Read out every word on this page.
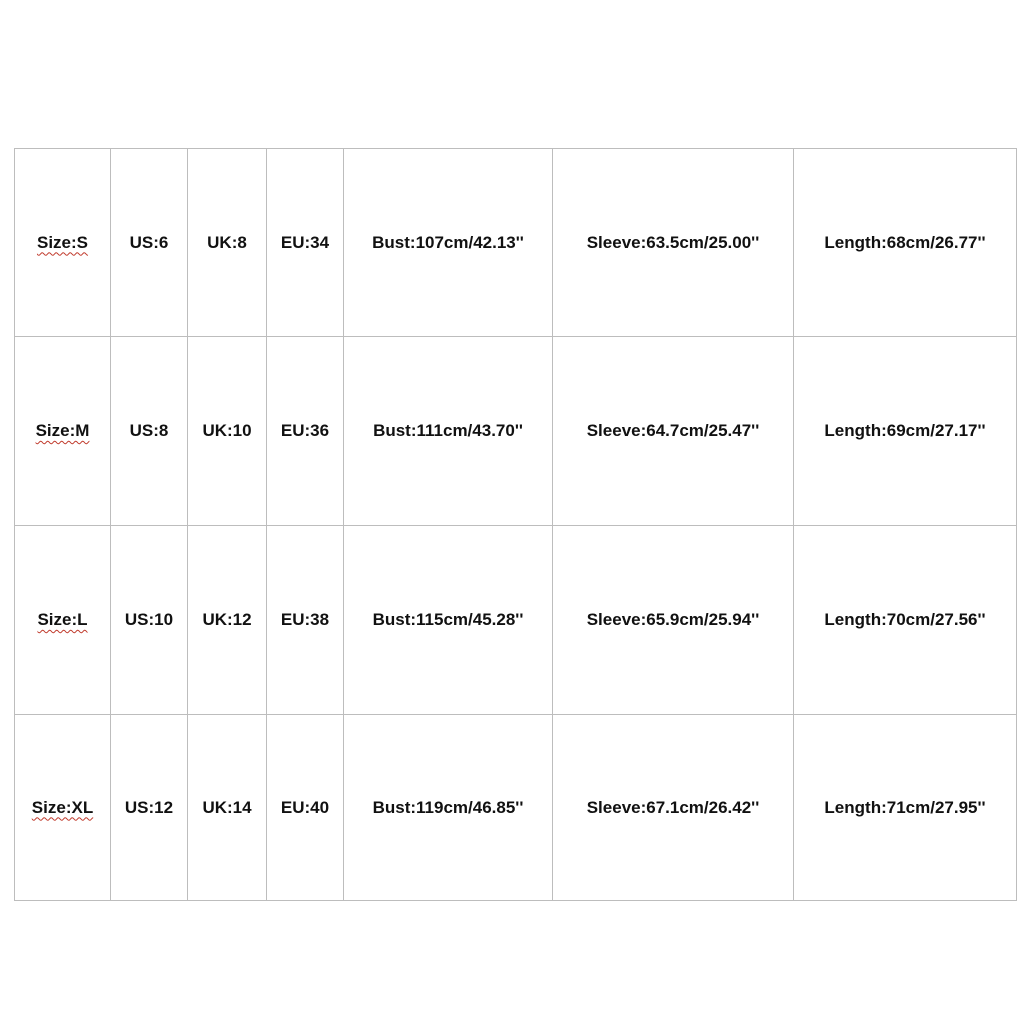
Size:S	US:6	UK:8	EU:34	Bust:107cm/42.13''	Sleeve:63.5cm/25.00''	Length:68cm/26.77''
Size:M	US:8	UK:10	EU:36	Bust:111cm/43.70''	Sleeve:64.7cm/25.47''	Length:69cm/27.17''
Size:L	US:10	UK:12	EU:38	Bust:115cm/45.28''	Sleeve:65.9cm/25.94''	Length:70cm/27.56''
Size:XL	US:12	UK:14	EU:40	Bust:119cm/46.85''	Sleeve:67.1cm/26.42''	Length:71cm/27.95''
